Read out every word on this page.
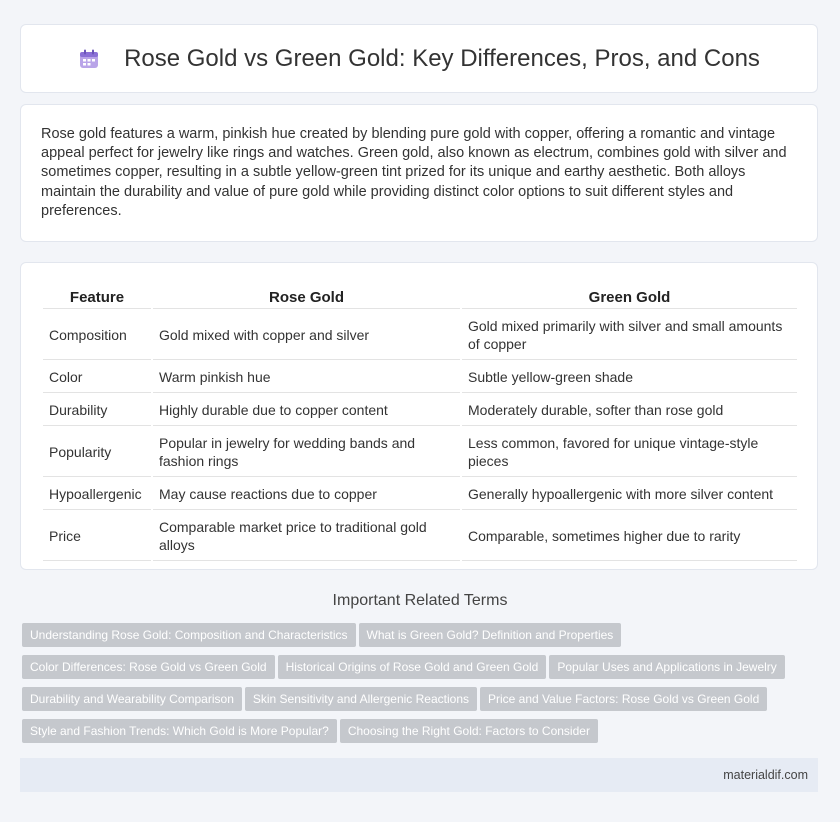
Rose Gold vs Green Gold: Key Differences, Pros, and Cons

Rose gold features a warm, pinkish hue created by blending pure gold with copper, offering a romantic and vintage appeal perfect for jewelry like rings and watches. Green gold, also known as electrum, combines gold with silver and sometimes copper, resulting in a subtle yellow-green tint prized for its unique and earthy aesthetic. Both alloys maintain the durability and value of pure gold while providing distinct color options to suit different styles and preferences.

Feature	Rose Gold	Green Gold
Composition	Gold mixed with copper and silver	Gold mixed primarily with silver and small amounts of copper
Color	Warm pinkish hue	Subtle yellow-green shade
Durability	Highly durable due to copper content	Moderately durable, softer than rose gold
Popularity	Popular in jewelry for wedding bands and fashion rings	Less common, favored for unique vintage-style pieces
Hypoallergenic	May cause reactions due to copper	Generally hypoallergenic with more silver content
Price	Comparable market price to traditional gold alloys	Comparable, sometimes higher due to rarity
Important Related Terms
Understanding Rose Gold: Composition and Characteristics What is Green Gold? Definition and Properties
Color Differences: Rose Gold vs Green Gold Historical Origins of Rose Gold and Green Gold Popular Uses and Applications in Jewelry
Durability and Wearability Comparison Skin Sensitivity and Allergenic Reactions Price and Value Factors: Rose Gold vs Green Gold
Style and Fashion Trends: Which Gold is More Popular? Choosing the Right Gold: Factors to Consider
materialdif.com
